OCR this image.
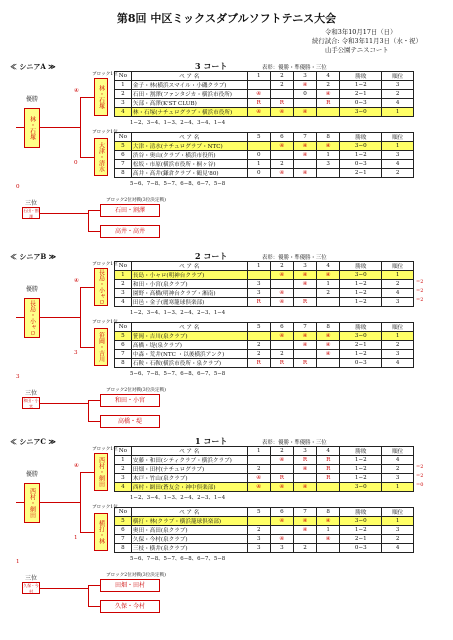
第8回 中区ミックスダブルソフトテニス大会
令和3年10月17日（日）
続行試合: 令和3年11月3日（水・祝）
山手公園テニスコート
≪ シニアA ≫	3 コート	表彰：優勝・準優勝・三位
ブロック1位 No	ペ ア 名	1	2	3	4	勝敗	順位
1	金子・林(横浜スマイル・小磯クラブ)		2	④	2	1−2	3
2	石田・割澤(ファンタジカ・横浜市役所)	④		0	④	2−1	2
3	矢部・高澤(K'ST CLUB)	R	R		R	0−3	4
4	林・石塚(ナチュログラブ・横浜市役所)	④	④	④		3−0	1
1−2、3−4、1−3、2−4、3−4、1−4
ブロック1位
No	ペ ア 名	5	6	7	8	勝敗	順位
5	大津・清水(ナチュログラブ・NTC)		④	④	④	3−0	1
6	渋谷・奥山(クラブ・横浜市役所)	0		④	1	1−2	3
7	松坂・市原(横浜市役所・桐ヶ谷)	1	2		3	0−3	4
8	高井・高井(鎌倉クラブ・鶴見'80)	0	④	④		2−1	2
5−6、7−8、5−7、6−8、6−7、5−8
林・石塚
大津・清水
④
0
優勝
林・石塚
0
ブロック2位対戦(3位決定戦)
三位
石田・割澤
石田・割澤
高井・高井
≪ シニアB ≫	2 コート	表彰：優勝・準優勝・三位
ブロック1位 No	ペ ア 名	1	2	3	4	勝敗	順位
1	長島・小ャロ(明神台クラブ)		④	④	④	3−0	1
2	和田・小宮(泉クラブ)	3		④	1	1−2	2
3	園野・高橋(明神台クラブ・湘南)	3	④		2	1−2	4
4	田邑・金子(麗寒籠球倶楽部)	R	④	R		1−2	3
1−2、3−4、1−3、2−4、2−3、1−4
ブロック1位
No	ペ ア 名	5	6	7	8	勝敗	順位
5	笹岡・吉川(泉クラブ)		④	④	④	3−0	1
6	髙橋・堤(泉クラブ)	2		④	④	2−1	2
7	中森・荒井(NTC ・以後横浜アンク)	2	2		④	1−2	3
8	石鞍・石鞍(横浜市役所・泉クラブ)	R	R	R		0−3	4
5−6、7−8、5−7、6−8、6−7、5−8
長島・小ャロ
笹岡・吉川
④
3
優勝
長島・小ャロ
3
ブロック2位対戦(3位決定戦)
三位
和田・小宮
和田・小宮
高橋・堤
≪ シニアC ≫	1 コート	表彰：優勝・準優勝・三位
ブロック1位 No	ペ ア 名	1	2	3	4	勝敗	順位
1	安藤・和田(シティクラブ・横浜クラブ)		④	R	R	1−2	4
2	田畑・田村(ナチュログラブ)	2		④	R	1−2	2
3	木戸・竹山(泉クラブ)	④	R		R	1−2	3
4	西村・網田(蒼友会・神中倶楽部)	④	④	④		3−0	1
1−2、3−4、1−3、2−4、2−3、1−4
ブロック1位
No	ペ ア 名	5	6	7	8	勝敗	順位
5	横打・林(クラブ・横浜籠球倶楽部)		④	④	④	3−0	1
6	奥田・高田(泉クラブ)	2		④	1	1−2	3
7	久保・今村(泉クラブ)	3	④		④	2−1	2
8	三枝・横井(泉クラブ)	3	3	2		0−3	4
5−6、7−8、5−7、6−8、6−7、5−8
西村・網田
横打・林
④
1
優勝
西村・網田
1
ブロック2位対戦(3位決定戦)
三位
久保・今村
田畑・田村
久保・今村
=2
=2
=2
=2
=2
=0
